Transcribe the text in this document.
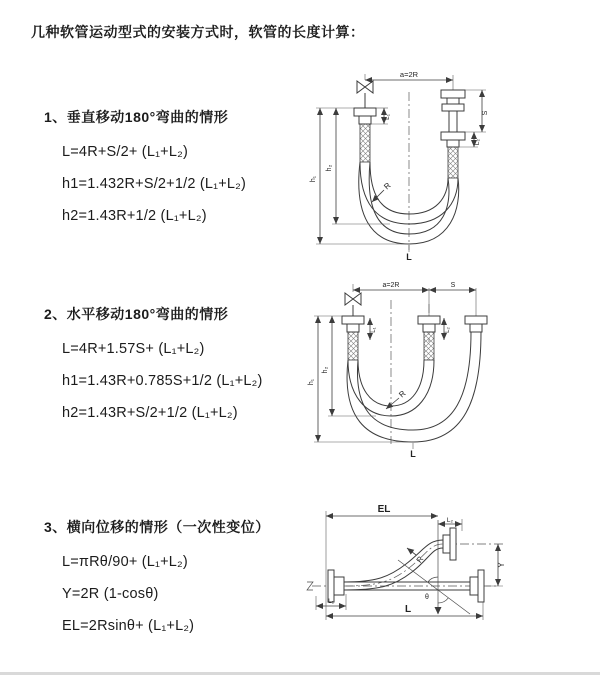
几种软管运动型式的安装方式时，软管的长度计算：
1、垂直移动180°弯曲的情形
L=4R+S/2+ (L₁+L₂)
h1=1.432R+S/2+1/2 (L₁+L₂)
h2=1.43R+1/2 (L₁+L₂)
2、水平移动180°弯曲的情形
L=4R+1.57S+ (L₁+L₂)
h1=1.43R+0.785S+1/2 (L₁+L₂)
h2=1.43R+S/2+1/2 (L₁+L₂)
3、横向位移的情形（一次性变位）
L=πRθ/90+ (L₁+L₂)
Y=2R (1-cosθ)
EL=2Rsinθ+ (L₁+L₂)
a=2R
S
L₂
L₁
h₁
h₂
R
L
a=2R	S
L₁	L₂
h₁
h₂
R
L
θ
R
EL
L₂
Y
L₁
L
